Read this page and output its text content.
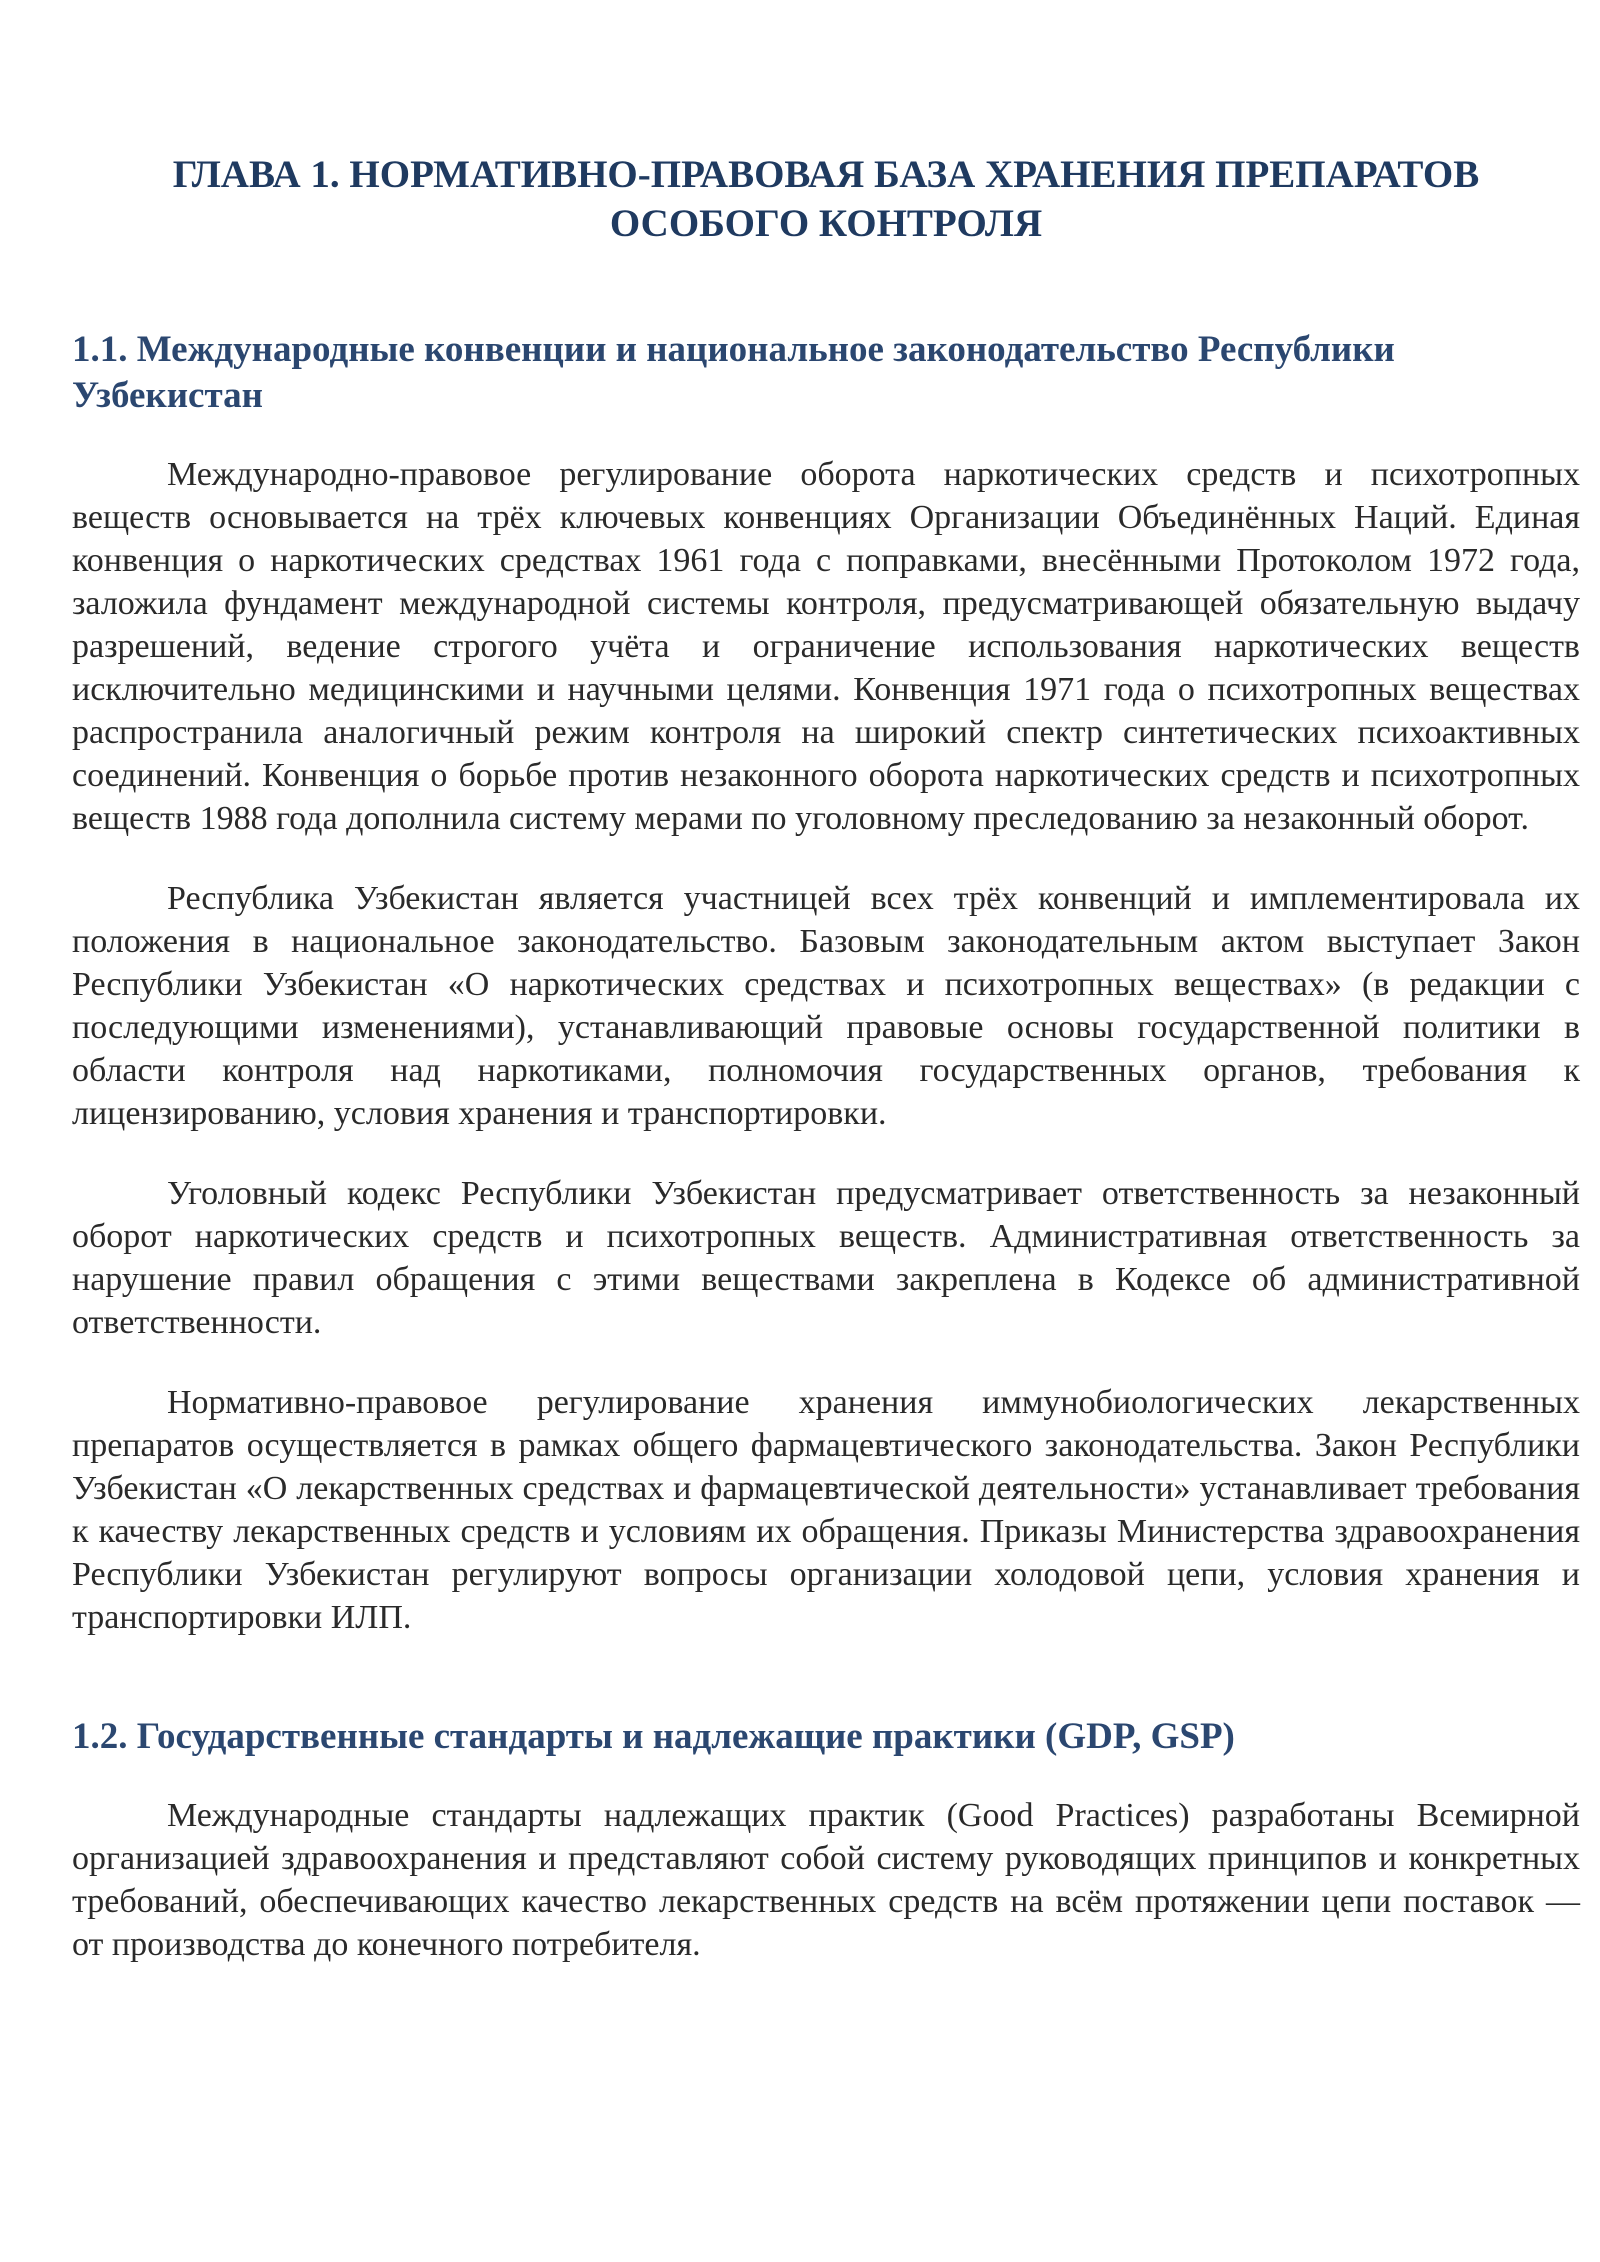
ГЛАВА 1. НОРМАТИВНО-ПРАВОВАЯ БАЗА ХРАНЕНИЯ ПРЕПАРАТОВ
ОСОБОГО КОНТРОЛЯ
1.1. Международные конвенции и национальное законодательство Республики Узбекистан

Международно-правовое регулирование оборота наркотических средств и психотропных веществ основывается на трёх ключевых конвенциях Организации Объединённых Наций. Единая конвенция о наркотических средствах 1961 года с поправками, внесёнными Протоколом 1972 года, заложила фундамент международной системы контроля, предусматривающей обязательную выдачу разрешений, ведение строгого учёта и ограничение использования наркотических веществ исключительно медицинскими и научными целями. Конвенция 1971 года о психотропных веществах распространила аналогичный режим контроля на широкий спектр синтетических психоактивных соединений. Конвенция о борьбе против незаконного оборота наркотических средств и психотропных веществ 1988 года дополнила систему мерами по уголовному преследованию за незаконный оборот.

Республика Узбекистан является участницей всех трёх конвенций и имплементировала их положения в национальное законодательство. Базовым законодательным актом выступает Закон Республики Узбекистан «О наркотических средствах и психотропных веществах» (в редакции с последующими изменениями), устанавливающий правовые основы государственной политики в области контроля над наркотиками, полномочия государственных органов, требования к лицензированию, условия хранения и транспортировки.

Уголовный кодекс Республики Узбекистан предусматривает ответственность за незаконный оборот наркотических средств и психотропных веществ. Административная ответственность за нарушение правил обращения с этими веществами закреплена в Кодексе об административной ответственности.

Нормативно-правовое регулирование хранения иммунобиологических лекарственных препаратов осуществляется в рамках общего фармацевтического законодательства. Закон Республики Узбекистан «О лекарственных средствах и фармацевтической деятельности» устанавливает требования к качеству лекарственных средств и условиям их обращения. Приказы Министерства здравоохранения Республики Узбекистан регулируют вопросы организации холодовой цепи, условия хранения и транспортировки ИЛП.

1.2. Государственные стандарты и надлежащие практики (GDP, GSP)

Международные стандарты надлежащих практик (Good Practices) разработаны Всемирной организацией здравоохранения и представляют собой систему руководящих принципов и конкретных требований, обеспечивающих качество лекарственных средств на всём протяжении цепи поставок — от производства до конечного потребителя.
